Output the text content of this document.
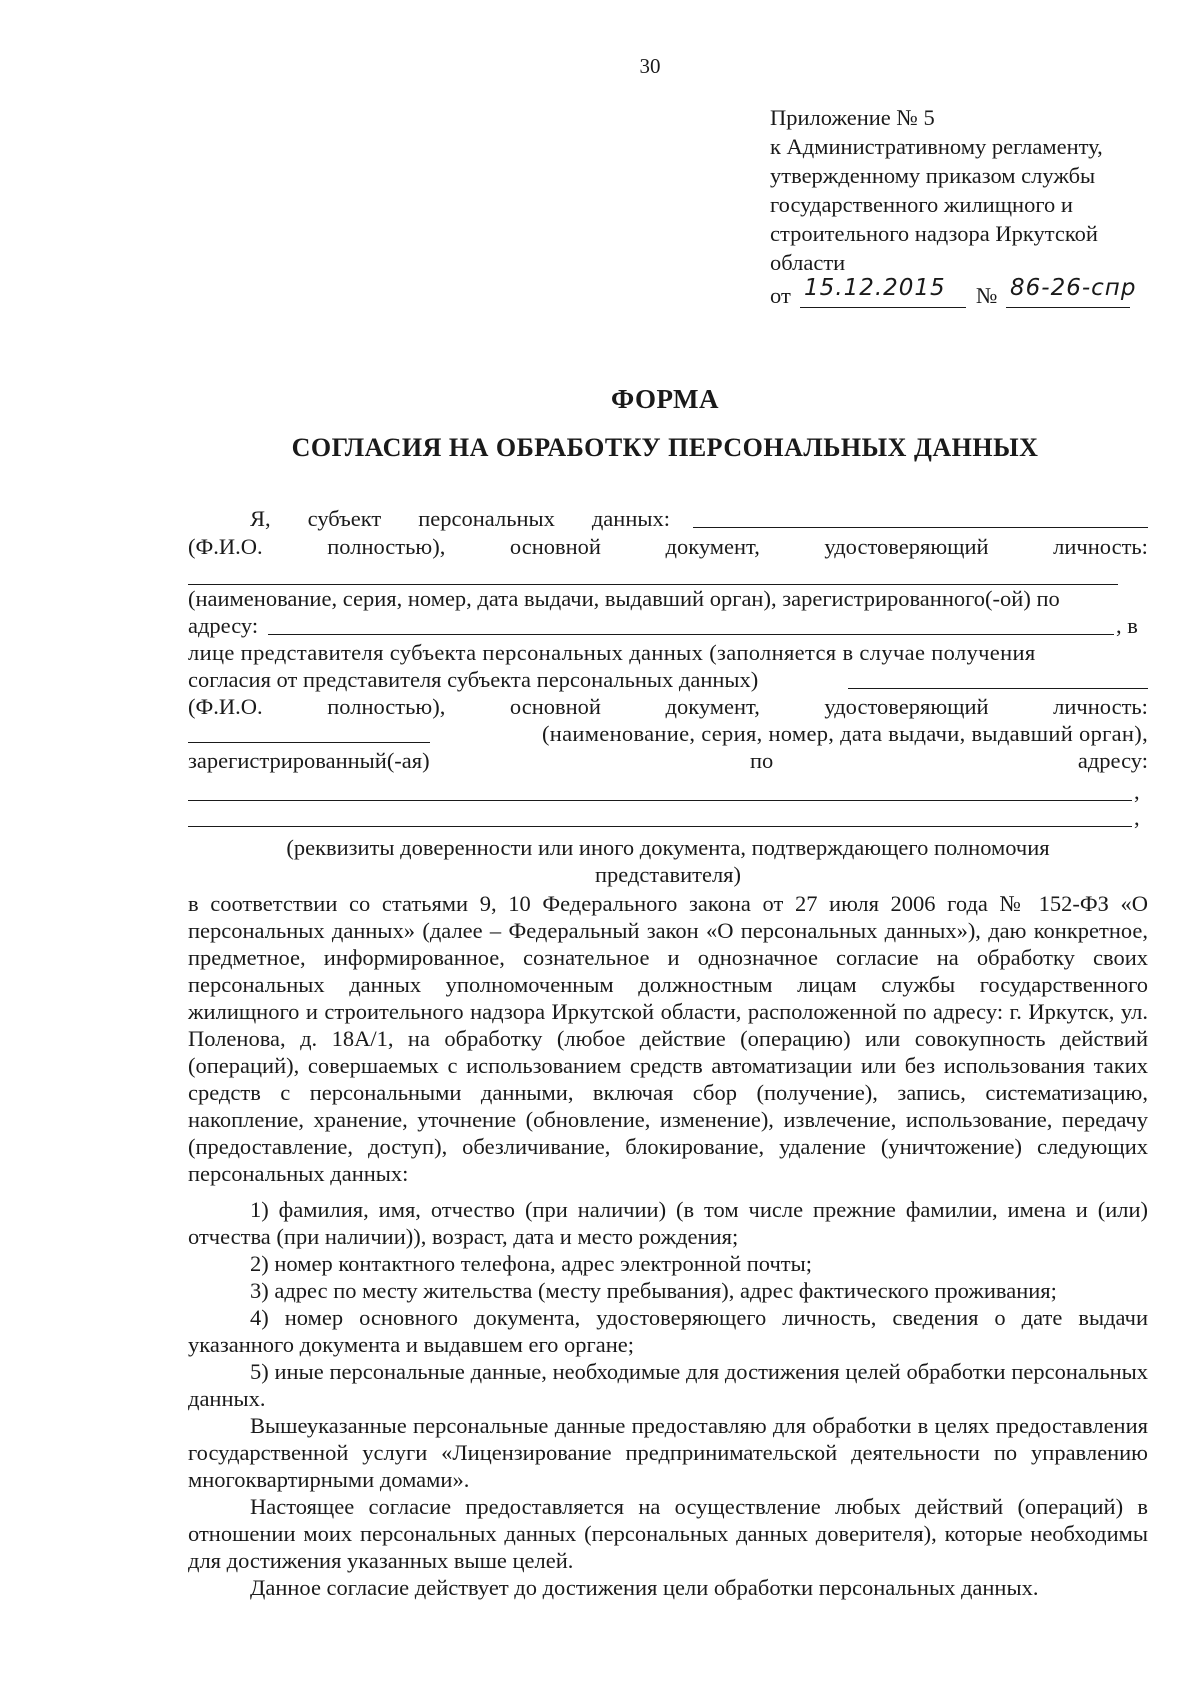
30
Приложение № 5
к Административному регламенту,
утвержденному приказом службы
государственного жилищного и
строительного надзора Иркутской
области
от 15.12.2015 № 86-26-спр
ФОРМА
СОГЛАСИЯ НА ОБРАБОТКУ ПЕРСОНАЛЬНЫХ ДАННЫХ
Я, субъект персональных данных:
(Ф.И.О.	полностью),	основной	документ,	удостоверяющий	личность:
(наименование, серия, номер, дата выдачи, выдавший орган), зарегистрированного(-ой) по
адресу:	, в
лице представителя субъекта персональных данных (заполняется в случае получения
согласия от представителя субъекта персональных данных)
(Ф.И.О.	полностью),	основной	документ,	удостоверяющий	личность:
(наименование, серия, номер, дата выдачи, выдавший орган),
зарегистрированный(-ая)	по	адресу:
,
,
(реквизиты доверенности или иного документа, подтверждающего полномочия
представителя)
в соответствии со статьями 9, 10 Федерального закона от 27 июля 2006 года № 152-ФЗ «О персональных данных» (далее – Федеральный закон «О персональных данных»), даю конкретное, предметное, информированное, сознательное и однозначное согласие на обработку своих персональных данных уполномоченным должностным лицам службы государственного жилищного и строительного надзора Иркутской области, расположенной по адресу: г. Иркутск, ул. Поленова, д. 18А/1, на обработку (любое действие (операцию) или совокупность действий (операций), совершаемых с использованием средств автоматизации или без использования таких средств с персональными данными, включая сбор (получение), запись, систематизацию, накопление, хранение, уточнение (обновление, изменение), извлечение, использование, передачу (предоставление, доступ), обезличивание, блокирование, удаление (уничтожение) следующих персональных данных:
1) фамилия, имя, отчество (при наличии) (в том числе прежние фамилии, имена и (или) отчества (при наличии)), возраст, дата и место рождения;
2) номер контактного телефона, адрес электронной почты;
3) адрес по месту жительства (месту пребывания), адрес фактического проживания;
4) номер основного документа, удостоверяющего личность, сведения о дате выдачи указанного документа и выдавшем его органе;
5) иные персональные данные, необходимые для достижения целей обработки персональных данных.
Вышеуказанные персональные данные предоставляю для обработки в целях предоставления государственной услуги «Лицензирование предпринимательской деятельности по управлению многоквартирными домами».
Настоящее согласие предоставляется на осуществление любых действий (операций) в отношении моих персональных данных (персональных данных доверителя), которые необходимы для достижения указанных выше целей.
Данное согласие действует до достижения цели обработки персональных данных.
